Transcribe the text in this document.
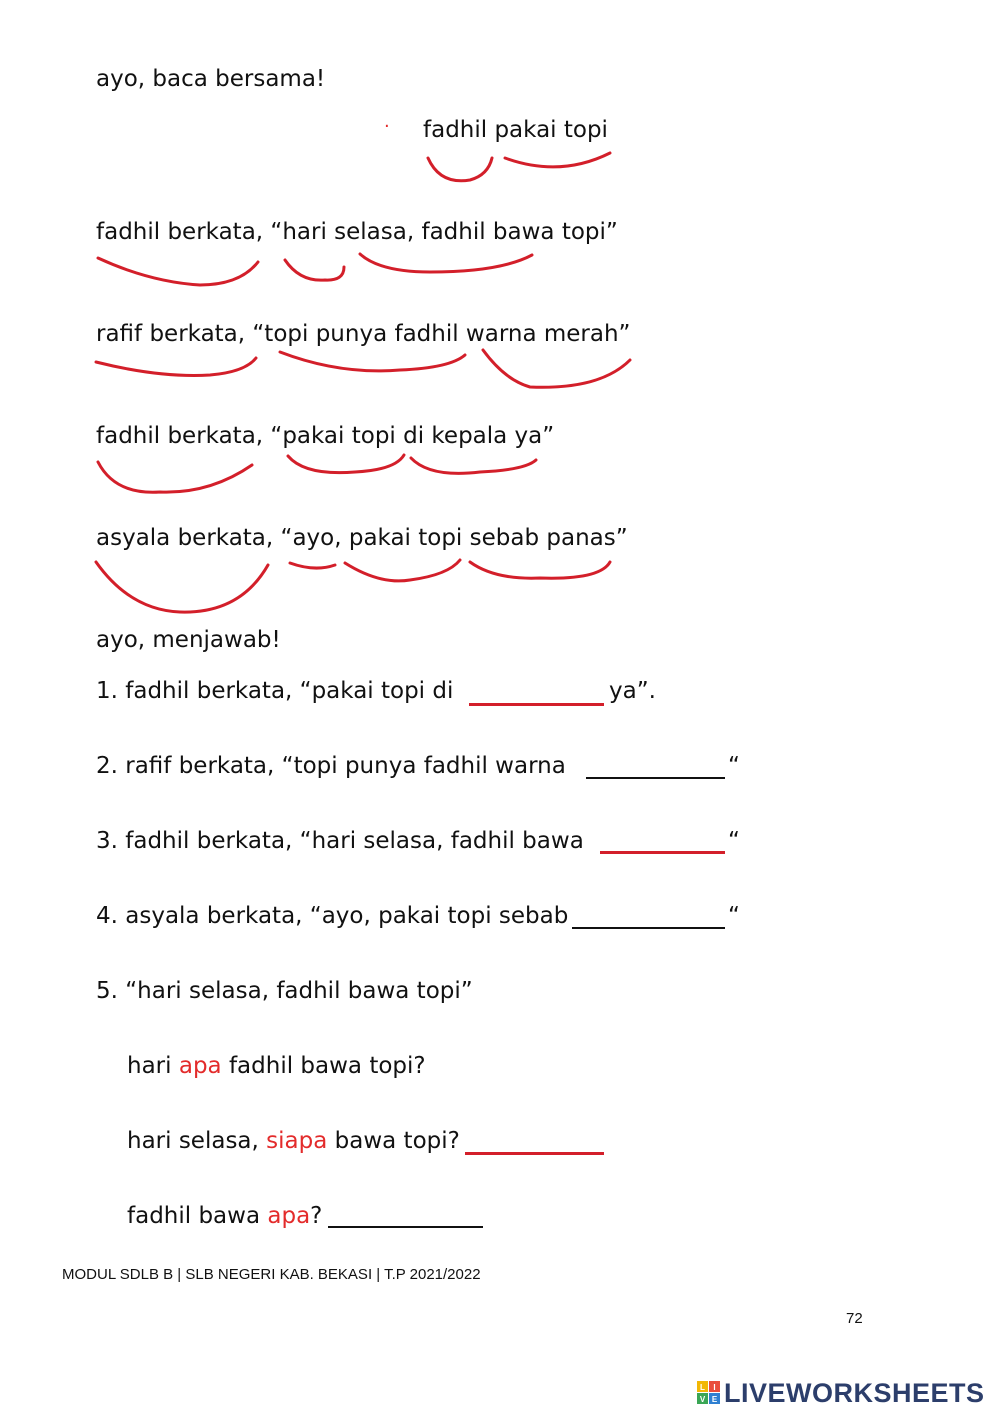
ayo, baca bersama!
· fadhil pakai topi
fadhil berkata, “hari selasa, fadhil bawa topi”
rafif berkata, “topi punya fadhil warna merah”
fadhil berkata, “pakai topi di kepala ya”
asyala berkata, “ayo, pakai topi sebab panas”
ayo, menjawab!
1. fadhil berkata, “pakai topi di	ya”.
2. rafif berkata, “topi punya fadhil warna	“
3. fadhil berkata, “hari selasa, fadhil bawa	“
4. asyala berkata, “ayo, pakai topi sebab	“
5. “hari selasa, fadhil bawa topi”
hari apa fadhil bawa topi?
hari selasa, siapa bawa topi?
fadhil bawa apa?
MODUL SDLB B | SLB NEGERI KAB. BEKASI | T.P 2021/2022
72
L I
V E LIVEWORKSHEETS
